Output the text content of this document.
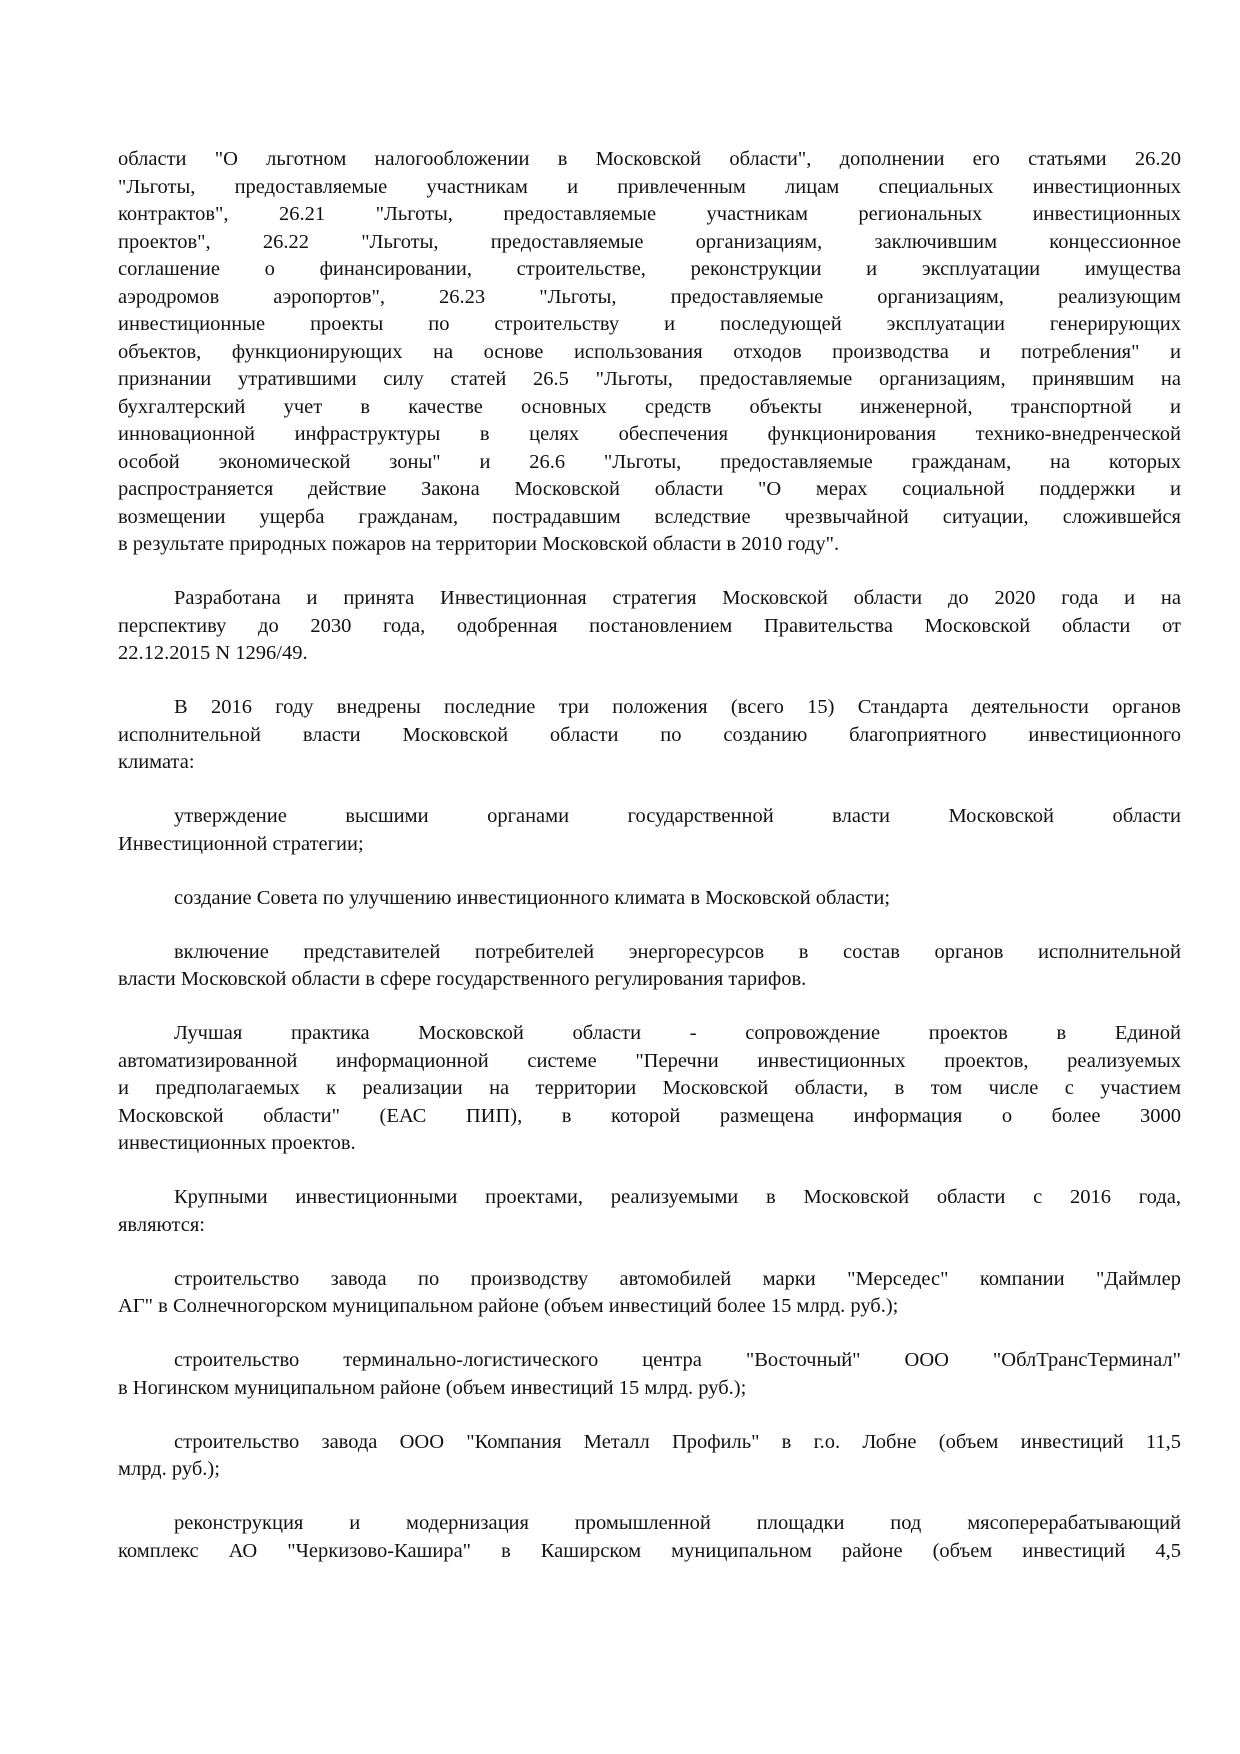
области "О льготном налогообложении в Московской области", дополнении его статьями 26.20
"Льготы, предоставляемые участникам и привлеченным лицам специальных инвестиционных
контрактов", 26.21 "Льготы, предоставляемые участникам региональных инвестиционных
проектов", 26.22 "Льготы, предоставляемые организациям, заключившим концессионное
соглашение о финансировании, строительстве, реконструкции и эксплуатации имущества
аэродромов аэропортов", 26.23 "Льготы, предоставляемые организациям, реализующим
инвестиционные проекты по строительству и последующей эксплуатации генерирующих
объектов, функционирующих на основе использования отходов производства и потребления" и
признании утратившими силу статей 26.5 "Льготы, предоставляемые организациям, принявшим на
бухгалтерский учет в качестве основных средств объекты инженерной, транспортной и
инновационной инфраструктуры в целях обеспечения функционирования технико-внедренческой
особой экономической зоны" и 26.6 "Льготы, предоставляемые гражданам, на которых
распространяется действие Закона Московской области "О мерах социальной поддержки и
возмещении ущерба гражданам, пострадавшим вследствие чрезвычайной ситуации, сложившейся
в результате природных пожаров на территории Московской области в 2010 году".
Разработана и принята Инвестиционная стратегия Московской области до 2020 года и на
перспективу до 2030 года, одобренная постановлением Правительства Московской области от
22.12.2015 N 1296/49.
В 2016 году внедрены последние три положения (всего 15) Стандарта деятельности органов
исполнительной власти Московской области по созданию благоприятного инвестиционного
климата:
утверждение высшими органами государственной власти Московской области
Инвестиционной стратегии;
создание Совета по улучшению инвестиционного климата в Московской области;
включение представителей потребителей энергоресурсов в состав органов исполнительной
власти Московской области в сфере государственного регулирования тарифов.
Лучшая практика Московской области - сопровождение проектов в Единой
автоматизированной информационной системе "Перечни инвестиционных проектов, реализуемых
и предполагаемых к реализации на территории Московской области, в том числе с участием
Московской области" (ЕАС ПИП), в которой размещена информация о более 3000
инвестиционных проектов.
Крупными инвестиционными проектами, реализуемыми в Московской области с 2016 года,
являются:
строительство завода по производству автомобилей марки "Мерседес" компании "Даймлер
АГ" в Солнечногорском муниципальном районе (объем инвестиций более 15 млрд. руб.);
строительство терминально-логистического центра "Восточный" ООО "ОблТрансТерминал"
в Ногинском муниципальном районе (объем инвестиций 15 млрд. руб.);
строительство завода ООО "Компания Металл Профиль" в г.о. Лобне (объем инвестиций 11,5
млрд. руб.);
реконструкция и модернизация промышленной площадки под мясоперерабатывающий
комплекс АО "Черкизово-Кашира" в Каширском муниципальном районе (объем инвестиций 4,5
